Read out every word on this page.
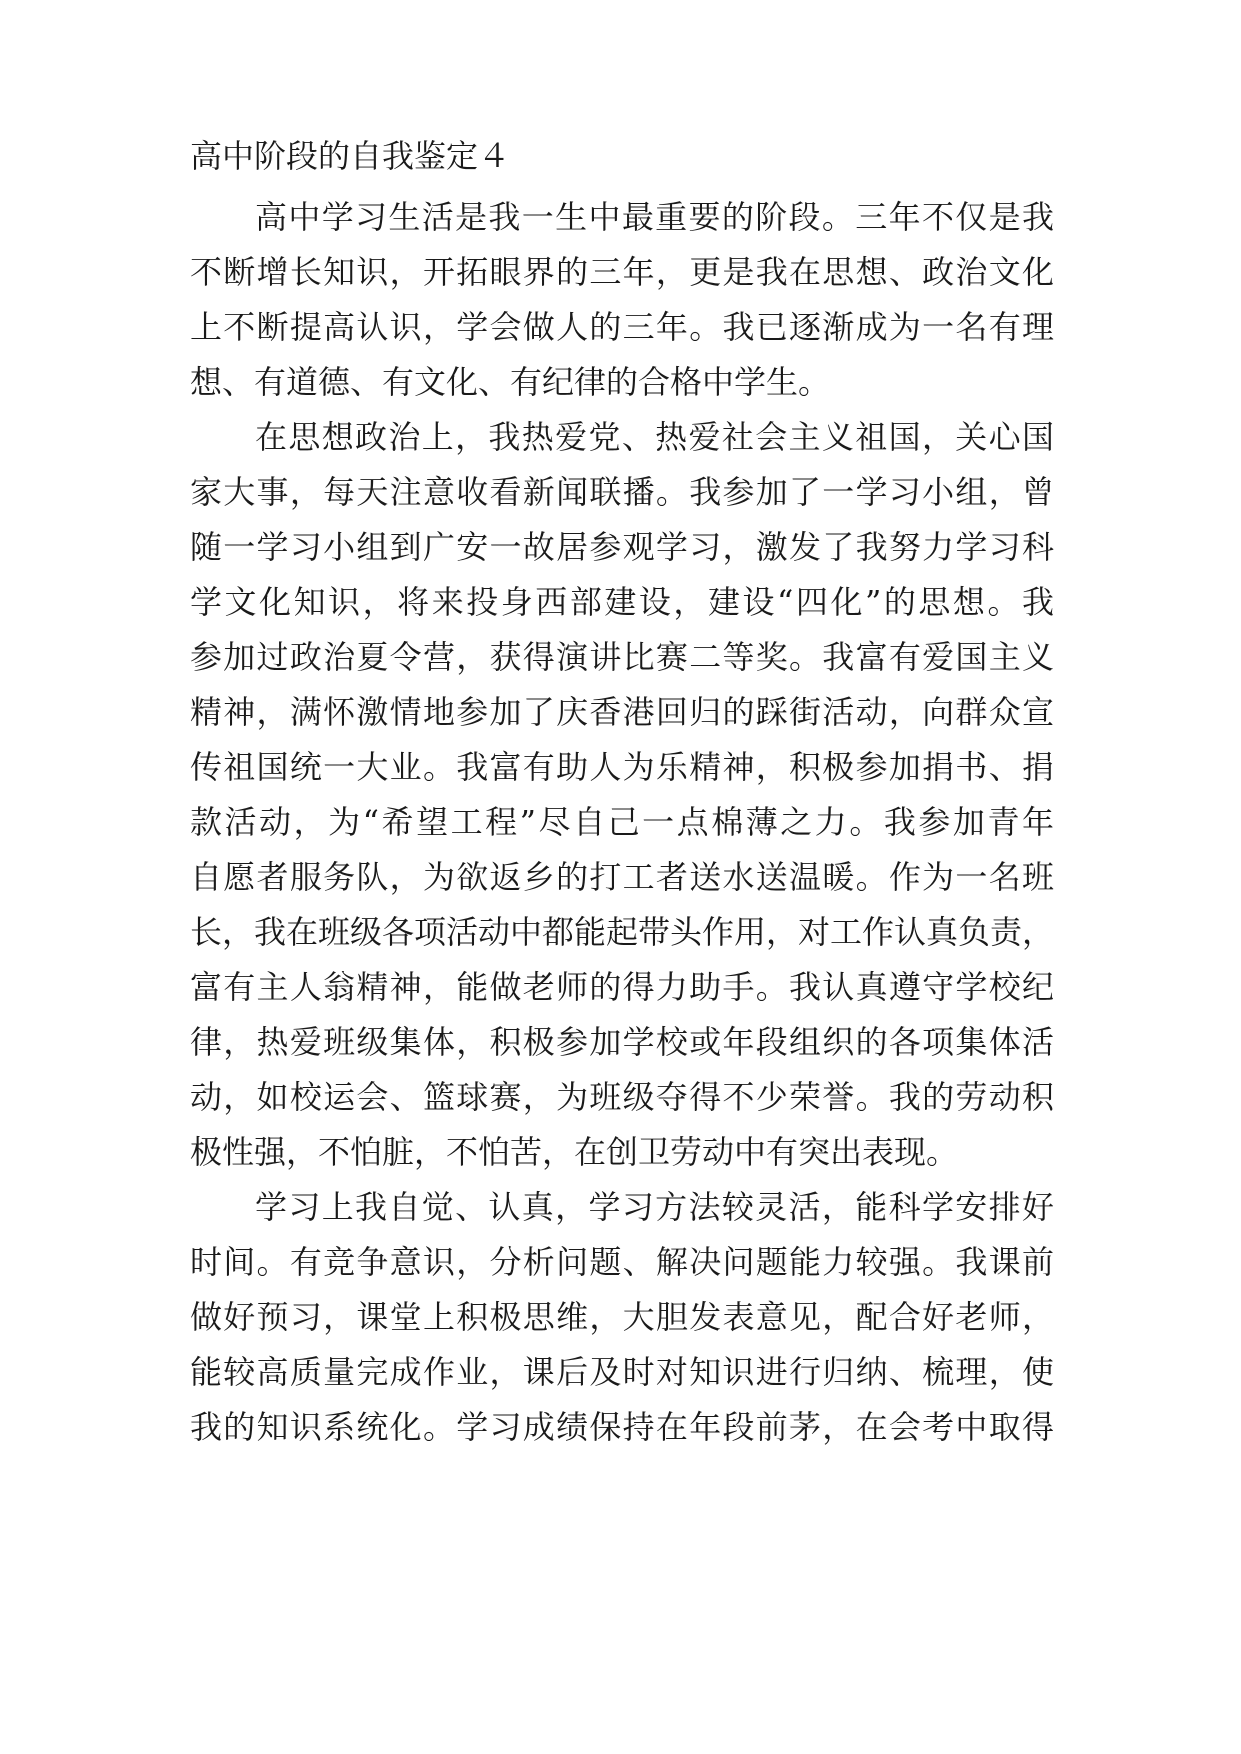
高中阶段的自我鉴定４
高中学习生活是我一生中最重要的阶段。三年不仅是我
不断增长知识，开拓眼界的三年，更是我在思想、政治文化
上不断提高认识，学会做人的三年。我已逐渐成为一名有理
想、有道德、有文化、有纪律的合格中学生。
在思想政治上，我热爱党、热爱社会主义祖国，关心国
家大事，每天注意收看新闻联播。我参加了一学习小组，曾
随一学习小组到广安一故居参观学习，激发了我努力学习科
学文化知识，将来投身西部建设，建设“四化”的思想。我
参加过政治夏令营，获得演讲比赛二等奖。我富有爱国主义
精神，满怀激情地参加了庆香港回归的踩街活动，向群众宣
传祖国统一大业。我富有助人为乐精神，积极参加捐书、捐
款活动，为“希望工程”尽自己一点棉薄之力。我参加青年
自愿者服务队，为欲返乡的打工者送水送温暖。作为一名班
长，我在班级各项活动中都能起带头作用，对工作认真负责，
富有主人翁精神，能做老师的得力助手。我认真遵守学校纪
律，热爱班级集体，积极参加学校或年段组织的各项集体活
动，如校运会、篮球赛，为班级夺得不少荣誉。我的劳动积
极性强，不怕脏，不怕苦，在创卫劳动中有突出表现。
学习上我自觉、认真，学习方法较灵活，能科学安排好
时间。有竞争意识，分析问题、解决问题能力较强。我课前
做好预习，课堂上积极思维，大胆发表意见，配合好老师，
能较高质量完成作业，课后及时对知识进行归纳、梳理，使
我的知识系统化。学习成绩保持在年段前茅，在会考中取得
